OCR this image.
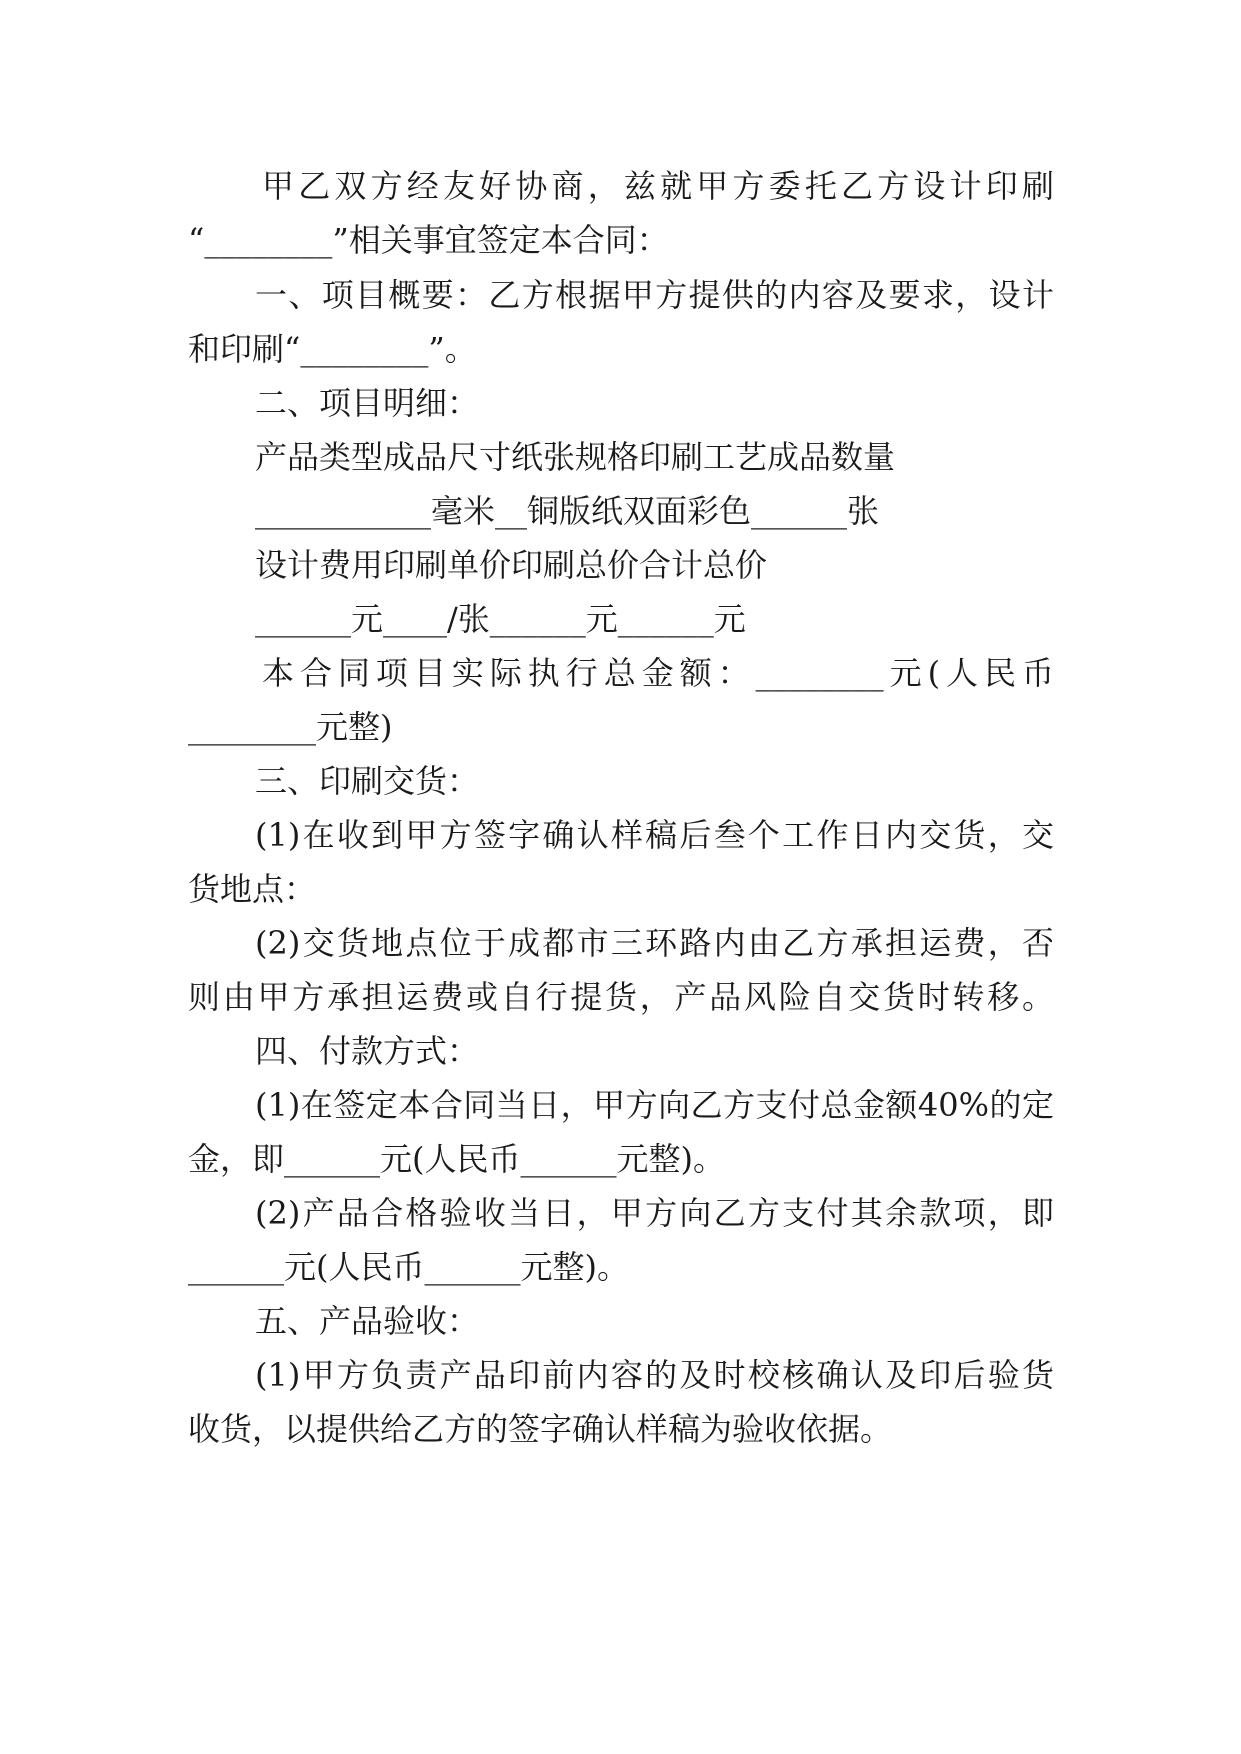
甲乙双方经友好协商，兹就甲方委托乙方设计印刷
“________”相关事宜签定本合同：
一、项目概要：乙方根据甲方提供的内容及要求，设计
和印刷“________”。
二、项目明细：
产品类型成品尺寸纸张规格印刷工艺成品数量
___________毫米__铜版纸双面彩色______张
设计费用印刷单价印刷总价合计总价
______元____/张______元______元
本合同项目实际执行总金额：________元(人民币
________元整)
三、印刷交货：
(1)在收到甲方签字确认样稿后叁个工作日内交货，交
货地点：
(2)交货地点位于成都市三环路内由乙方承担运费，否
则由甲方承担运费或自行提货，产品风险自交货时转移。
四、付款方式：
(1)在签定本合同当日，甲方向乙方支付总金额40%的定
金，即______元(人民币______元整)。
(2)产品合格验收当日，甲方向乙方支付其余款项，即
______元(人民币______元整)。
五、产品验收：
(1)甲方负责产品印前内容的及时校核确认及印后验货
收货，以提供给乙方的签字确认样稿为验收依据。
